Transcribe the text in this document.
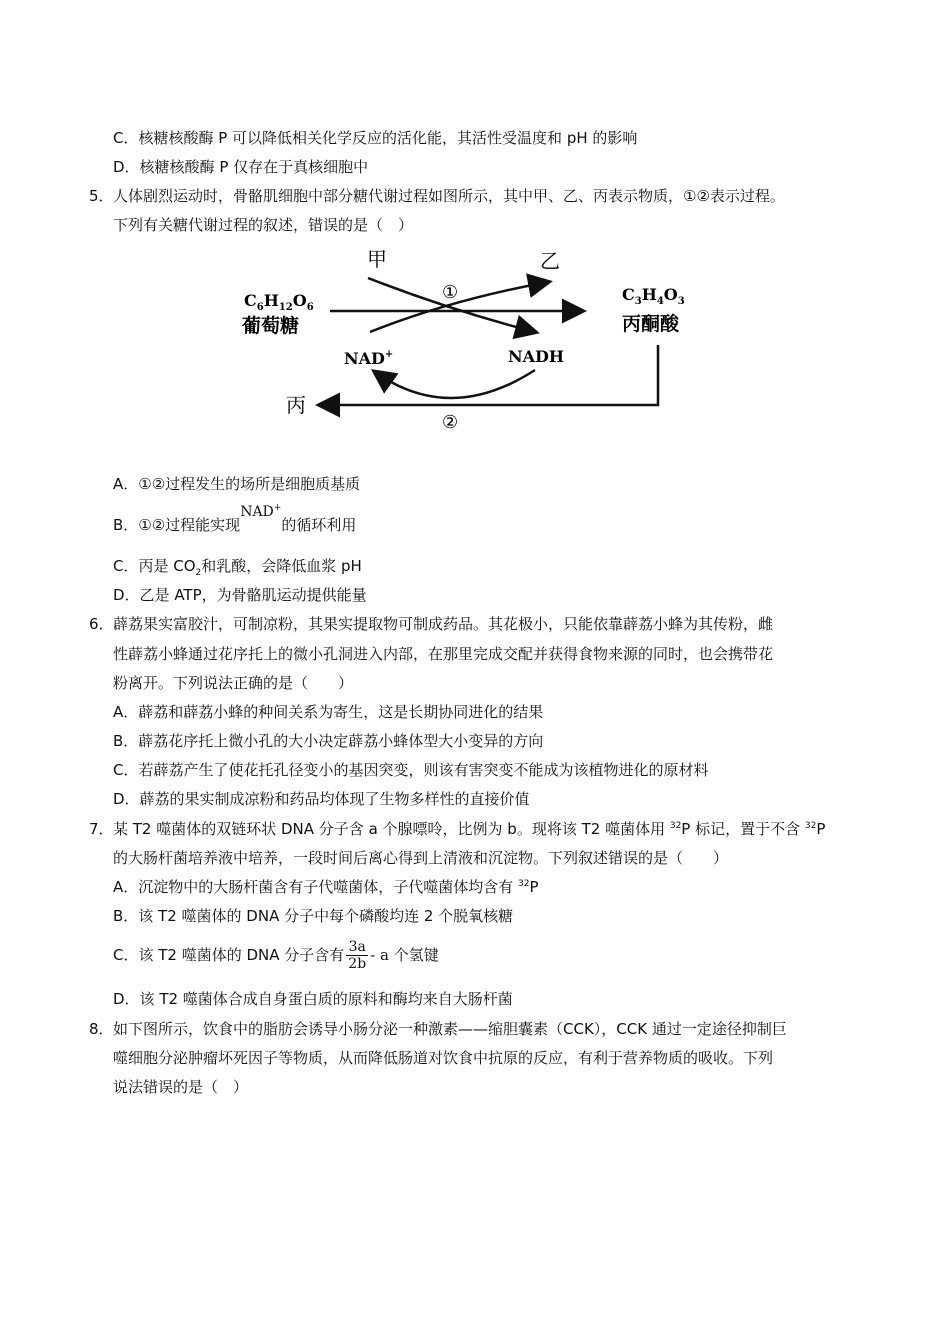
C．核糖核酸酶 P 可以降低相关化学反应的活化能，其活性受温度和 pH 的影响
D．核糖核酸酶 P 仅存在于真核细胞中
5． 人体剧烈运动时，骨骼肌细胞中部分糖代谢过程如图所示，其中甲、乙、丙表示物质，①②表示过程。
下列有关糖代谢过程的叙述，错误的是（　）
甲	乙
①
$C_6H_{12}O_6$
葡萄糖
$C_3H_4O_3$
丙酮酸
NAD+	NADH
丙
②
A．①②过程发生的场所是细胞质基质
B．①②过程能实现NAD+的循环利用
C．丙是 $CO_2$和乳酸，会降低血浆 pH
D．乙是 ATP，为骨骼肌运动提供能量
6． 薜荔果实富胶汁，可制凉粉，其果实提取物可制成药品。其花极小，只能依靠薜荔小蜂为其传粉，雌
性薜荔小蜂通过花序托上的微小孔洞进入内部，在那里完成交配并获得食物来源的同时，也会携带花
粉离开。下列说法正确的是（　　）
A．薜荔和薜荔小蜂的种间关系为寄生，这是长期协同进化的结果
B．薜荔花序托上微小孔的大小决定薜荔小蜂体型大小变异的方向
C．若薜荔产生了使花托孔径变小的基因突变，则该有害突变不能成为该植物进化的原材料
D．薜荔的果实制成凉粉和药品均体现了生物多样性的直接价值
7． 某 T2 噬菌体的双链环状 DNA 分子含 a 个腺嘌呤，比例为 b。现将该 T2 噬菌体用 $^{32}$P 标记，置于不含 $^{32}$P
的大肠杆菌培养液中培养，一段时间后离心得到上清液和沉淀物。下列叙述错误的是（　　）
A．沉淀物中的大肠杆菌含有子代噬菌体，子代噬菌体均含有 $^{32}$P
B．该 T2 噬菌体的 DNA 分子中每个磷酸均连 2 个脱氧核糖
C．该 T2 噬菌体的 DNA 分子含有 $\frac{3a}{2b}$ - a 个氢键
D．该 T2 噬菌体合成自身蛋白质的原料和酶均来自大肠杆菌
8． 如下图所示，饮食中的脂肪会诱导小肠分泌一种激素——缩胆囊素（CCK），CCK 通过一定途径抑制巨
噬细胞分泌肿瘤坏死因子等物质，从而降低肠道对饮食中抗原的反应，有利于营养物质的吸收。下列
说法错误的是（　）
